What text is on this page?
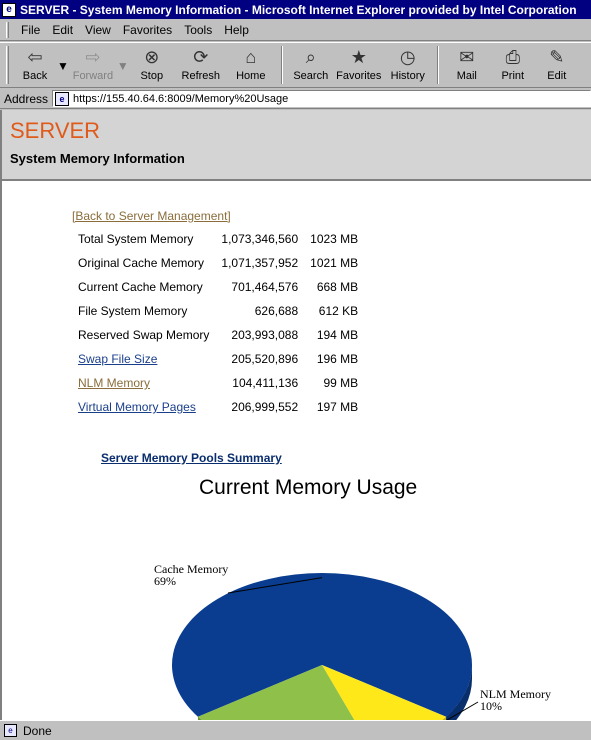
e SERVER - System Memory Information - Microsoft Internet Explorer provided by Intel Corporation
File	Edit	View	Favorites	Tools	Help
⇦
Back
▼ ⇨
Forward
▼ ⊗
Stop
⟳
Refresh
⌂
Home
⌕
Search
★
Favorites
◷
History
✉
Mail
⎙
Print
✎
Edit
Address	e https://155.40.64.6:8009/Memory%20Usage
SERVER
System Memory Information
[Back to Server Management]
Total System Memory	1,073,346,560	1023 MB
Original Cache Memory	1,071,357,952	1021 MB
Current Cache Memory	701,464,576	668 MB
File System Memory	626,688	612 KB
Reserved Swap Memory	203,993,088	194 MB
Swap File Size	205,520,896	196 MB
NLM Memory	104,411,136	99 MB
Virtual Memory Pages	206,999,552	197 MB
Server Memory Pools Summary
Current Memory Usage
Cache Memory
69%
NLM Memory
10%
e Done
